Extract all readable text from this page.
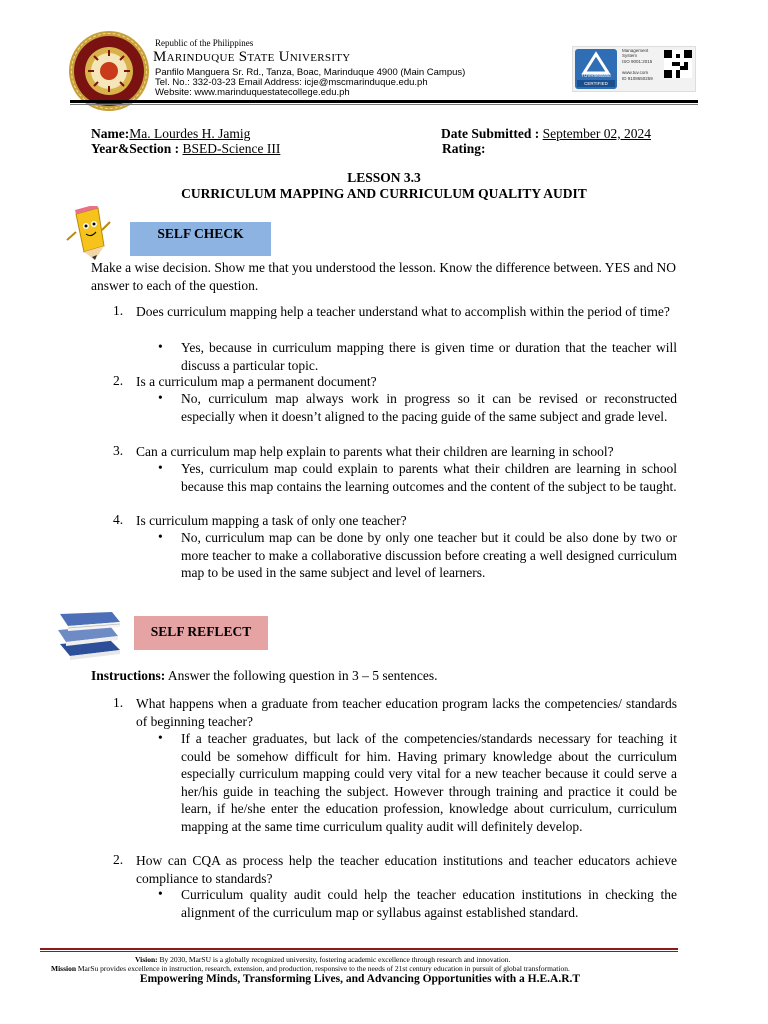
Republic of the Philippines
Marinduque State University
Panfilo Manguera Sr. Rd., Tanza, Boac, Marinduque 4900 (Main Campus)
Tel. No.: 332-03-23 Email Address: icje@mscmarinduque.edu.ph
Website: www.marinduquestatecollege.edu.ph
TÜVRheinland
CERTIFIED
Management
System
ISO 9001:2015
www.tuv.com
ID 9108650259
Name:Ma. Lourdes H. Jamig	Date Submitted : September 02, 2024
Year&Section : BSED-Science III	Rating:
LESSON 3.3
CURRICULUM MAPPING AND CURRICULUM QUALITY AUDIT
SELF CHECK
Make a wise decision. Show me that you understood the lesson. Know the difference between. YES and NO answer to each of the question.
1. Does curriculum mapping help a teacher understand what to accomplish within the period of time?
• Yes, because in curriculum mapping there is given time or duration that the teacher will discuss a particular topic.
2. Is a curriculum map a permanent document?
• No, curriculum map always work in progress so it can be revised or reconstructed especially when it doesn’t aligned to the pacing guide of the same subject and grade level.
3. Can a curriculum map help explain to parents what their children are learning in school?
• Yes, curriculum map could explain to parents what their children are learning in school because this map contains the learning outcomes and the content of the subject to be taught.
4. Is curriculum mapping a task of only one teacher?
• No, curriculum map can be done by only one teacher but it could be also done by two or more teacher to make a collaborative discussion before creating a well designed curriculum map to be used in the same subject and level of learners.
SELF REFLECT
Instructions: Answer the following question in 3 – 5 sentences.
1. What happens when a graduate from teacher education program lacks the competencies/ standards of beginning teacher?
• If a teacher graduates, but lack of the competencies/standards necessary for teaching it could be somehow difficult for him. Having primary knowledge about the curriculum especially curriculum mapping could very vital for a new teacher because it could serve a her/his guide in teaching the subject. However through training and practice it could be learn, if he/she enter the education profession, knowledge about curriculum, curriculum mapping at the same time curriculum quality audit will definitely develop.
2. How can CQA as process help the teacher education institutions and teacher educators achieve compliance to standards?
• Curriculum quality audit could help the teacher education institutions in checking the alignment of the curriculum map or syllabus against established standard.
Vision: By 2030, MarSU is a globally recognized university, fostering academic excellence through research and innovation.
Mission MarSu provides excellence in instruction, research, extension, and production, responsive to the needs of 21st century education in pursuit of global transformation.
Empowering Minds, Transforming Lives, and Advancing Opportunities with a H.E.A.R.T
